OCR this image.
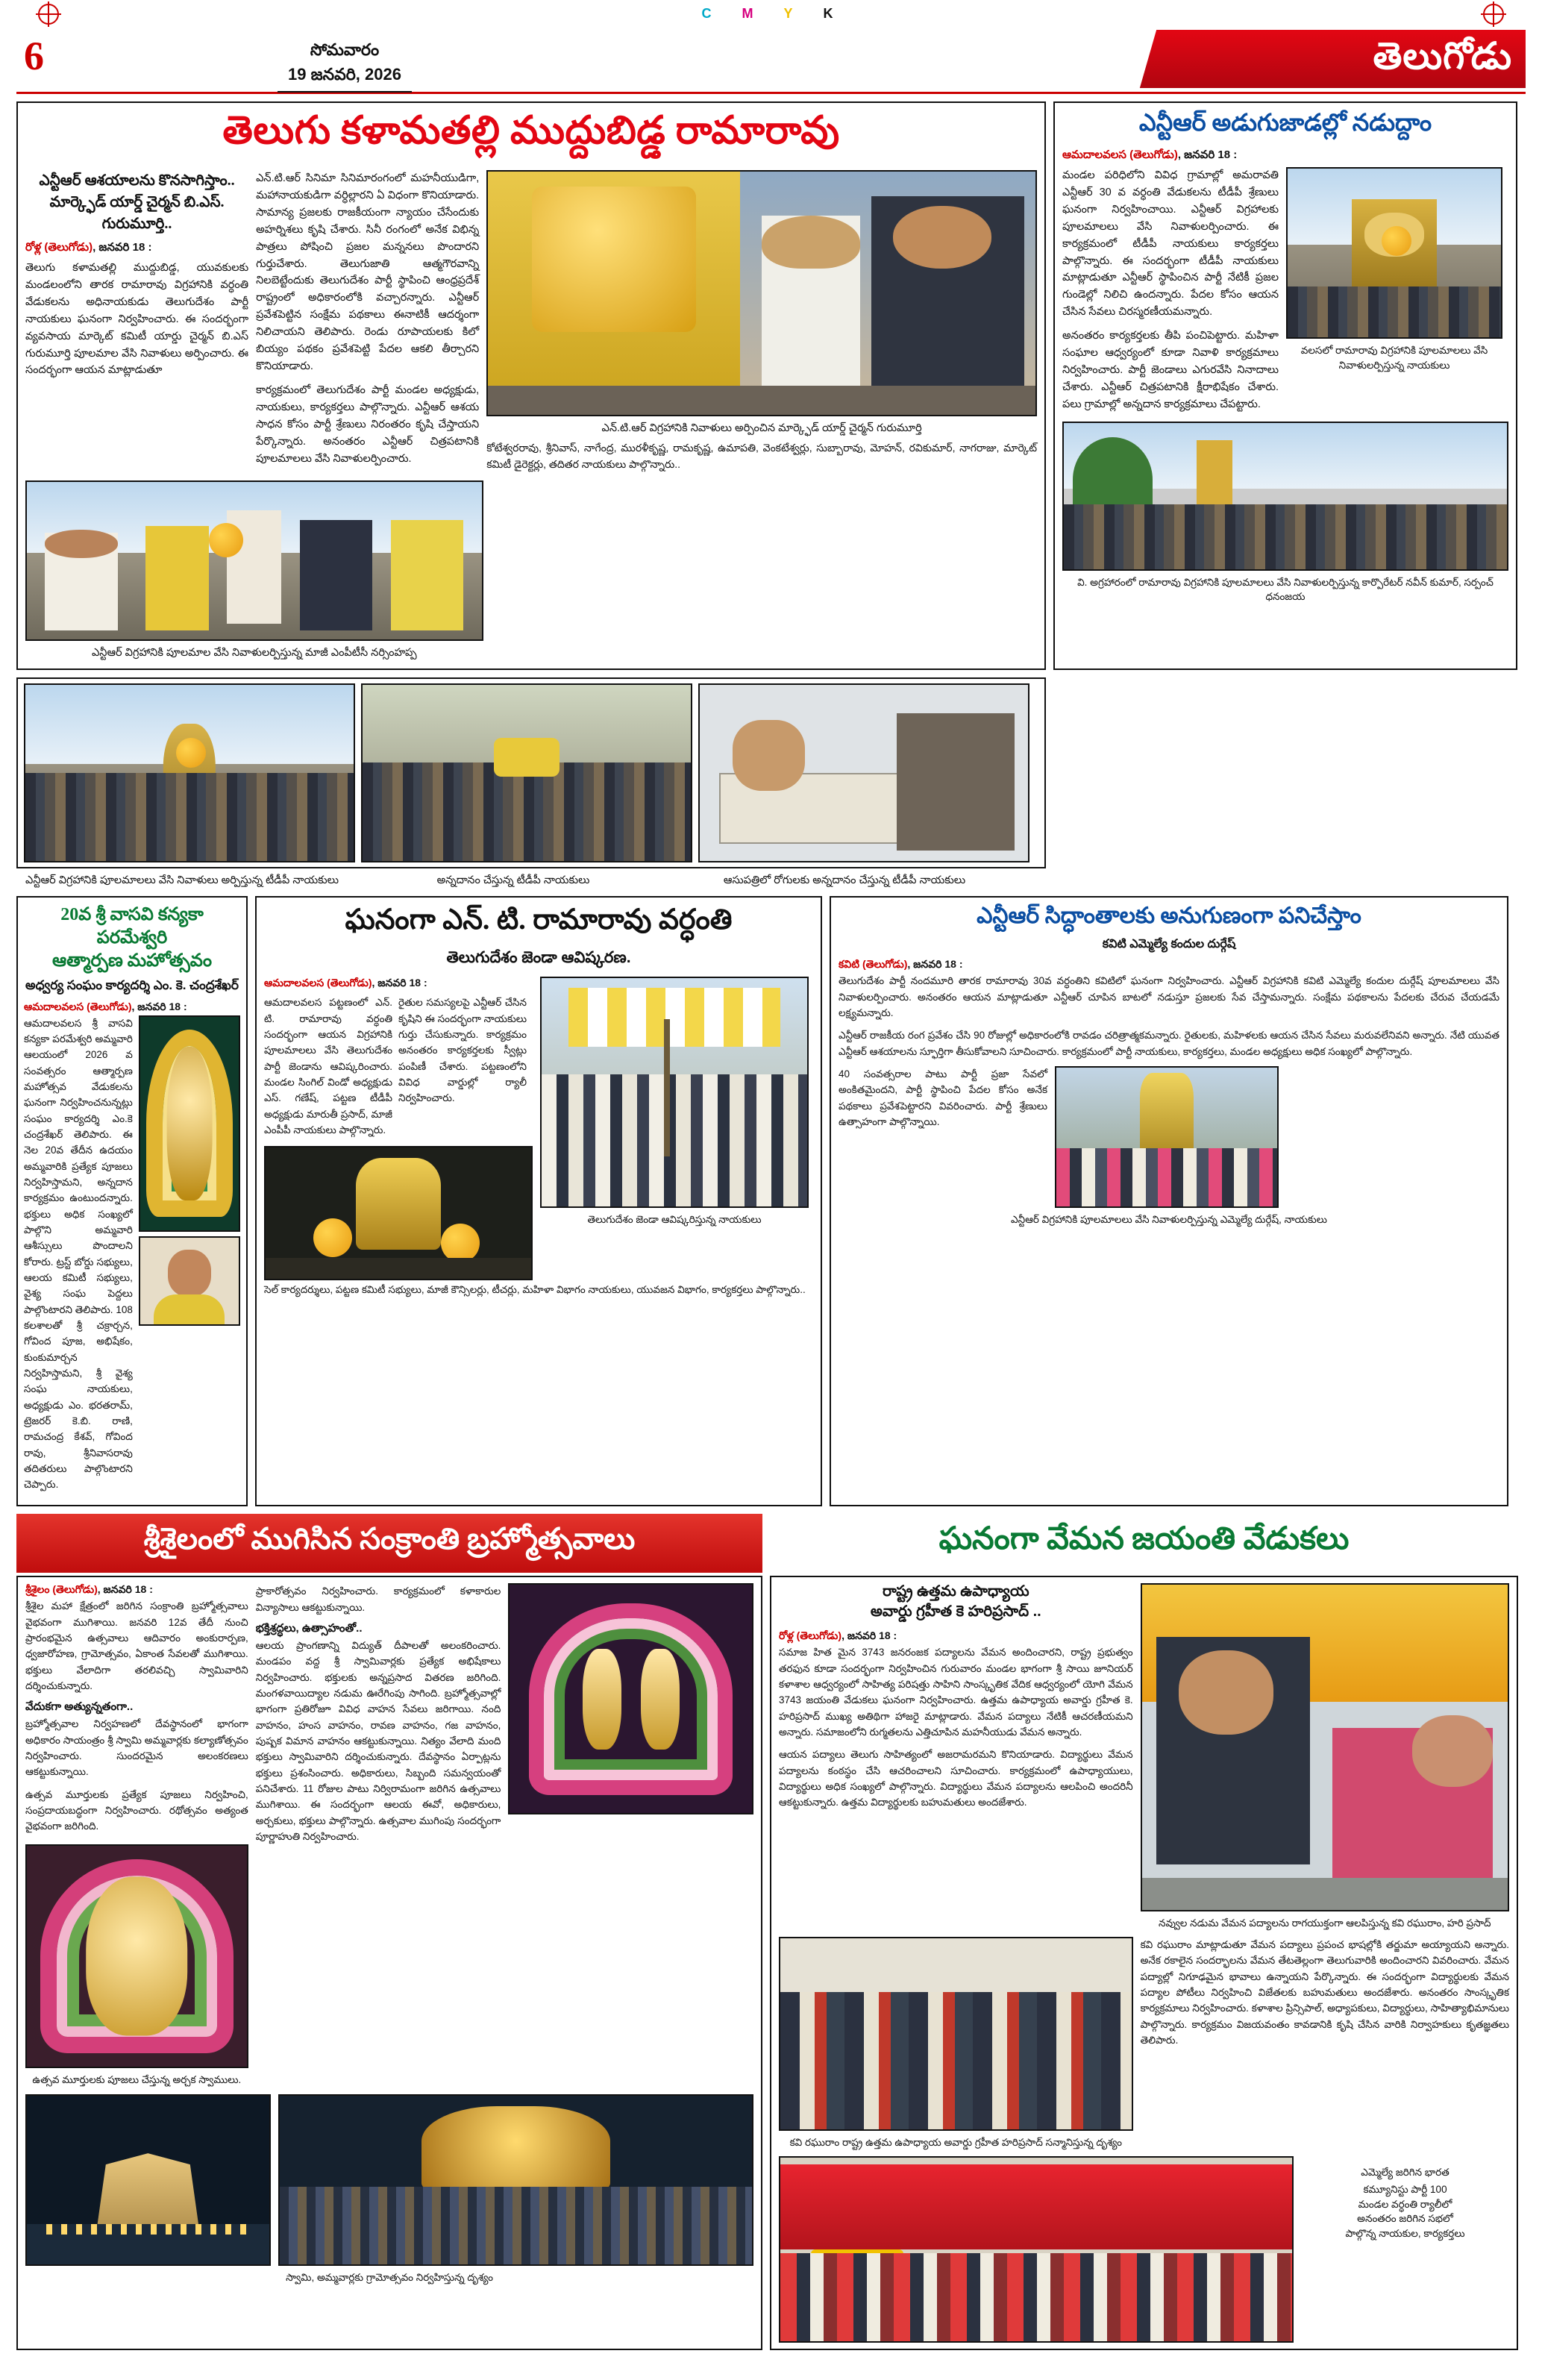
C M Y K
6	సోమవారం
19 జనవరి, 2026	తెలుగోడు
తెలుగు కళామతల్లి ముద్దుబిడ్డ రామారావు
ఎన్టీఆర్ ఆశయాలను కొనసాగిస్తాం.. మార్క్ఫెడ్ యార్డ్ చైర్మన్ బి.ఎస్. గురుమూర్తి..
రోళ్ల (తెలుగోడు), జనవరి 18 :

తెలుగు కళామతల్లి ముద్దుబిడ్డ, యువకులకు మండలంలోని తారక రామారావు విగ్రహానికి వర్ధంతి వేడుకలను అధినాయకుడు తెలుగుదేశం పార్టీ నాయకులు ఘనంగా నిర్వహించారు. ఈ సందర్భంగా వ్యవసాయ మార్కెట్ కమిటీ యార్డు చైర్మన్ బి.ఎస్ గురుమూర్తి పూలమాల వేసి నివాళులు అర్పించారు. ఈ సందర్భంగా ఆయన మాట్లాడుతూ

ఎన్.టి.ఆర్ సినిమా సినిమారంగంలో మహనీయుడిగా, మహానాయకుడిగా వర్ధిల్లారని ఏ విధంగా కొనియాడారు. సామాన్య ప్రజలకు రాజకీయంగా న్యాయం చేసేందుకు అహర్నిశలు కృషి చేశారు. సినీ రంగంలో అనేక విభిన్న పాత్రలు పోషించి ప్రజల మన్ననలు పొందారని గుర్తుచేశారు. తెలుగుజాతి ఆత్మగౌరవాన్ని నిలబెట్టేందుకు తెలుగుదేశం పార్టీ స్థాపించి ఆంధ్రప్రదేశ్ రాష్ట్రంలో అధికారంలోకి వచ్చారన్నారు. ఎన్టీఆర్ ప్రవేశపెట్టిన సంక్షేమ పథకాలు ఈనాటికీ ఆదర్శంగా నిలిచాయని తెలిపారు. రెండు రూపాయలకు కిలో బియ్యం పథకం ప్రవేశపెట్టి పేదల ఆకలి తీర్చారని కొనియాడారు.

కార్యక్రమంలో తెలుగుదేశం పార్టీ మండల అధ్యక్షుడు, నాయకులు, కార్యకర్తలు పాల్గొన్నారు. ఎన్టీఆర్ ఆశయ సాధన కోసం పార్టీ శ్రేణులు నిరంతరం కృషి చేస్తాయని పేర్కొన్నారు. అనంతరం ఎన్టీఆర్ చిత్రపటానికి పూలమాలలు వేసి నివాళులర్పించారు.

ఎన్.టి.ఆర్ విగ్రహానికి నివాళులు అర్పించిన మార్క్ఫెడ్ యార్డ్ చైర్మన్ గురుమూర్తి

కోటేశ్వరరావు, శ్రీనివాస్, నాగేంద్ర, మురళీకృష్ణ, రామకృష్ణ, ఉమాపతి, వెంకటేశ్వర్లు, సుబ్బారావు, మోహన్, రవికుమార్, నాగరాజు, మార్కెట్ కమిటీ డైరెక్టర్లు, తదితర నాయకులు పాల్గొన్నారు..

ఎన్టీఆర్ విగ్రహానికి పూలమాల వేసి నివాళులర్పిస్తున్న మాజీ ఎంపీటీసీ నర్సింహప్ప
ఎన్టీఆర్ అడుగుజాడల్లో నడుద్దాం
ఆమదాలవలస (తెలుగోడు), జనవరి 18 :

మండల పరిధిలోని వివిధ గ్రామాల్లో అమరావతి ఎన్టీఆర్ 30 వ వర్ధంతి వేడుకలను టీడీపీ శ్రేణులు ఘనంగా నిర్వహించాయి. ఎన్టీఆర్ విగ్రహాలకు పూలమాలలు వేసి నివాళులర్పించారు. ఈ కార్యక్రమంలో టీడీపీ నాయకులు కార్యకర్తలు పాల్గొన్నారు. ఈ సందర్భంగా టీడీపీ నాయకులు మాట్లాడుతూ ఎన్టీఆర్ స్థాపించిన పార్టీ నేటికీ ప్రజల గుండెల్లో నిలిచి ఉందన్నారు. పేదల కోసం ఆయన చేసిన సేవలు చిరస్మరణీయమన్నారు.

అనంతరం కార్యకర్తలకు తీపి పంచిపెట్టారు. మహిళా సంఘాల ఆధ్వర్యంలో కూడా నివాళి కార్యక్రమాలు నిర్వహించారు. పార్టీ జెండాలు ఎగురవేసి నినాదాలు చేశారు. ఎన్టీఆర్ చిత్రపటానికి క్షీరాభిషేకం చేశారు. పలు గ్రామాల్లో అన్నదాన కార్యక్రమాలు చేపట్టారు.

వలసలో రామారావు విగ్రహానికి పూలమాలలు వేసి నివాళులర్పిస్తున్న నాయకులు
వి. అగ్రహారంలో రామారావు విగ్రహానికి పూలమాలలు వేసి నివాళులర్పిస్తున్న కార్పొరేటర్ నవీన్ కుమార్, సర్పంచ్ ధనంజయ
ఎన్టీఆర్ విగ్రహానికి పూలమాలలు వేసి నివాళులు అర్పిస్తున్న టీడీపీ నాయకులు	అన్నదానం చేస్తున్న టీడీపీ నాయకులు	ఆసుపత్రిలో రోగులకు అన్నదానం చేస్తున్న టీడీపీ నాయకులు
20వ శ్రీ వాసవి కన్యకా పరమేశ్వరి
ఆత్మార్పణ మహోత్సవం
అధ్వర్య సంఘం కార్యదర్శి ఎం. కె. చంద్రశేఖర్
ఆమదాలవలస (తెలుగోడు), జనవరి 18 :

ఆమదాలవలస శ్రీ వాసవి కన్యకా పరమేశ్వరి అమ్మవారి ఆలయంలో 2026 వ సంవత్సరం ఆత్మార్పణ మహోత్సవ వేడుకలను ఘనంగా నిర్వహించనున్నట్లు సంఘం కార్యదర్శి ఎం.కె చంద్రశేఖర్ తెలిపారు. ఈ నెల 20వ తేదీన ఉదయం అమ్మవారికి ప్రత్యేక పూజలు నిర్వహిస్తామని, అన్నదాన కార్యక్రమం ఉంటుందన్నారు. భక్తులు అధిక సంఖ్యలో పాల్గొని అమ్మవారి ఆశీస్సులు పొందాలని కోరారు. ట్రస్ట్ బోర్డు సభ్యులు, ఆలయ కమిటీ సభ్యులు, వైశ్య సంఘ పెద్దలు పాల్గొంటారని తెలిపారు. 108 కలశాలతో శ్రీ చక్రార్చన, గోవింద పూజ, అభిషేకం, కుంకుమార్చన నిర్వహిస్తామని, శ్రీ వైశ్య సంఘ నాయకులు, అధ్యక్షుడు ఎం. భరతరామ్, ట్రెజరర్ కె.బి. రాణి, రామచంద్ర కేశవ్, గోవింద రావు, శ్రీనివాసరావు తదితరులు పాల్గొంటారని చెప్పారు.

ఘనంగా ఎన్. టి. రామారావు వర్ధంతి
తెలుగుదేశం జెండా ఆవిష్కరణ.
ఆమదాలవలస (తెలుగోడు), జనవరి 18 :

ఆమదాలవలస పట్టణంలో ఎన్. టి. రామారావు వర్ధంతి సందర్భంగా ఆయన విగ్రహానికి పూలమాలలు వేసి తెలుగుదేశం పార్టీ జెండాను ఆవిష్కరించారు. మండల సింగిల్ విండో అధ్యక్షుడు ఎస్. గణేష్, పట్టణ టీడీపీ అధ్యక్షుడు మారుతీ ప్రసాద్, మాజీ ఎంపీపీ నాయకులు పాల్గొన్నారు.

రైతుల సమస్యలపై ఎన్టీఆర్ చేసిన కృషిని ఈ సందర్భంగా నాయకులు గుర్తు చేసుకున్నారు. కార్యక్రమం అనంతరం కార్యకర్తలకు స్వీట్లు పంపిణీ చేశారు. పట్టణంలోని వివిధ వార్డుల్లో ర్యాలీ నిర్వహించారు.

తెలుగుదేశం జెండా ఆవిష్కరిస్తున్న నాయకులు

సెల్ కార్యదర్శులు, పట్టణ కమిటీ సభ్యులు, మాజీ కౌన్సిలర్లు, టీచర్లు, మహిళా విభాగం నాయకులు, యువజన విభాగం, కార్యకర్తలు పాల్గొన్నారు..

ఎన్టీఆర్ సిద్ధాంతాలకు అనుగుణంగా పనిచేస్తాం
కవిటి ఎమ్మెల్యే కందుల దుర్గేష్
కవిటి (తెలుగోడు), జనవరి 18 :

తెలుగుదేశం పార్టీ నందమూరి తారక రామారావు 30వ వర్ధంతిని కవిటిలో ఘనంగా నిర్వహించారు. ఎన్టీఆర్ విగ్రహానికి కవిటి ఎమ్మెల్యే కందుల దుర్గేష్ పూలమాలలు వేసి నివాళులర్పించారు. అనంతరం ఆయన మాట్లాడుతూ ఎన్టీఆర్ చూపిన బాటలో నడుస్తూ ప్రజలకు సేవ చేస్తామన్నారు. సంక్షేమ పథకాలను పేదలకు చేరువ చేయడమే లక్ష్యమన్నారు.

ఎన్టీఆర్ రాజకీయ రంగ ప్రవేశం చేసి 90 రోజుల్లో అధికారంలోకి రావడం చరిత్రాత్మకమన్నారు. రైతులకు, మహిళలకు ఆయన చేసిన సేవలు మరువలేనివని అన్నారు. నేటి యువత ఎన్టీఆర్ ఆశయాలను స్ఫూర్తిగా తీసుకోవాలని సూచించారు. కార్యక్రమంలో పార్టీ నాయకులు, కార్యకర్తలు, మండల అధ్యక్షులు అధిక సంఖ్యలో పాల్గొన్నారు.

40 సంవత్సరాల పాటు పార్టీ ప్రజా సేవలో అంకితమైందని, పార్టీ స్థాపించి పేదల కోసం అనేక పథకాలు ప్రవేశపెట్టారని వివరించారు. పార్టీ శ్రేణులు ఉత్సాహంగా పాల్గొన్నాయి.

ఎన్టీఆర్ విగ్రహానికి పూలమాలలు వేసి నివాళులర్పిస్తున్న ఎమ్మెల్యే దుర్గేష్, నాయకులు
శ్రీశైలంలో ముగిసిన సంక్రాంతి బ్రహ్మోత్సవాలు	ఘనంగా వేమన జయంతి వేడుకలు
శ్రీశైలం (తెలుగోడు), జనవరి 18 :

శ్రీశైల మహా క్షేత్రంలో జరిగిన సంక్రాంతి బ్రహ్మోత్సవాలు వైభవంగా ముగిశాయి. జనవరి 12వ తేదీ నుంచి ప్రారంభమైన ఉత్సవాలు ఆదివారం అంకురార్పణ, ధ్వజారోహణ, గ్రామోత్సవం, ఏకాంత సేవలతో ముగిశాయి. భక్తులు వేలాదిగా తరలివచ్చి స్వామివారిని దర్శించుకున్నారు.

వేదుకగా అత్యున్నతంగా..

బ్రహ్మోత్సవాల నిర్వహణలో దేవస్థానంలో భాగంగా అధికారం సాయంత్రం శ్రీ స్వామి అమ్మవార్లకు కల్యాణోత్సవం నిర్వహించారు. సుందరమైన అలంకరణలు ఆకట్టుకున్నాయి.

ఉత్సవ మూర్తులకు ప్రత్యేక పూజలు నిర్వహించి, సంప్రదాయబద్ధంగా నిర్వహించారు. రథోత్సవం అత్యంత వైభవంగా జరిగింది.

ఉత్సవ మూర్తులకు పూజలు చేస్తున్న అర్చక స్వాములు.

ప్రాకారోత్సవం నిర్వహించారు. కార్యక్రమంలో కళాకారుల విన్యాసాలు ఆకట్టుకున్నాయి.

భక్తిశ్రద్ధలు, ఉత్సాహంతో..

ఆలయ ప్రాంగణాన్ని విద్యుత్ దీపాలతో అలంకరించారు. మండపం వద్ద శ్రీ స్వామివార్లకు ప్రత్యేక అభిషేకాలు నిర్వహించారు. భక్తులకు అన్నప్రసాద వితరణ జరిగింది. మంగళవాయిద్యాల నడుమ ఊరేగింపు సాగింది. బ్రహ్మోత్సవాల్లో భాగంగా ప్రతిరోజూ వివిధ వాహన సేవలు జరిగాయి. నంది వాహనం, హంస వాహనం, రావణ వాహనం, గజ వాహనం, పుష్పక విమాన వాహనం ఆకట్టుకున్నాయి. నిత్యం వేలాది మంది భక్తులు స్వామివారిని దర్శించుకున్నారు. దేవస్థానం ఏర్పాట్లను భక్తులు ప్రశంసించారు. అధికారులు, సిబ్బంది సమన్వయంతో పనిచేశారు. 11 రోజుల పాటు నిర్విరామంగా జరిగిన ఉత్సవాలు ముగిశాయి. ఈ సందర్భంగా ఆలయ ఈవో, అధికారులు, అర్చకులు, భక్తులు పాల్గొన్నారు. ఉత్సవాల ముగింపు సందర్భంగా పూర్ణాహుతి నిర్వహించారు.

స్వామి, అమ్మవార్లకు గ్రామోత్సవం నిర్వహిస్తున్న దృశ్యం
రాష్ట్ర ఉత్తమ ఉపాధ్యాయ
అవార్డు గ్రహీత కె హరిప్రసాద్ ..
రోళ్ల (తెలుగోడు), జనవరి 18 :

సమాజ హిత మైన 3743 జనరంజక పద్యాలను వేమన అందించారని, రాష్ట్ర ప్రభుత్వం తరఫున కూడా సందర్భంగా నిర్వహించిన గురువారం మండల భాగంగా శ్రీ సాయి జూనియర్ కళాశాల ఆధ్వర్యంలో సాహిత్య పరిషత్తు సాహిని సాంస్కృతిక వేదిక ఆధ్వర్యంలో యోగి వేమన 3743 జయంతి వేడుకలు ఘనంగా నిర్వహించారు. ఉత్తమ ఉపాధ్యాయ అవార్డు గ్రహీత కె. హరిప్రసాద్ ముఖ్య అతిథిగా హాజరై మాట్లాడారు. వేమన పద్యాలు నేటికీ ఆచరణీయమని అన్నారు. సమాజంలోని రుగ్మతలను ఎత్తిచూపిన మహనీయుడు వేమన అన్నారు.

ఆయన పద్యాలు తెలుగు సాహిత్యంలో అజరామరమని కొనియాడారు. విద్యార్థులు వేమన పద్యాలను కంఠస్థం చేసి ఆచరించాలని సూచించారు. కార్యక్రమంలో ఉపాధ్యాయులు, విద్యార్థులు అధిక సంఖ్యలో పాల్గొన్నారు. విద్యార్థులు వేమన పద్యాలను ఆలపించి అందరినీ ఆకట్టుకున్నారు. ఉత్తమ విద్యార్థులకు బహుమతులు అందజేశారు.

నవ్వుల నడుమ వేమన పద్యాలను రాగయుక్తంగా ఆలపిస్తున్న కవి రఘురాం, హరి ప్రసాద్
కవి రఘురాం రాష్ట్ర ఉత్తమ ఉపాధ్యాయ అవార్డు గ్రహీత హరిప్రసాద్ సన్మానిస్తున్న దృశ్యం

కవి రఘురాం మాట్లాడుతూ వేమన పద్యాలు ప్రపంచ భాషల్లోకి తర్జుమా అయ్యాయని అన్నారు. అనేక రకాలైన సందర్భాలను వేమన తేటతెల్లంగా తెలుగువారికి అందించారని వివరించారు. వేమన పద్యాల్లో నిగూఢమైన భావాలు ఉన్నాయని పేర్కొన్నారు. ఈ సందర్భంగా విద్యార్థులకు వేమన పద్యాల పోటీలు నిర్వహించి విజేతలకు బహుమతులు అందజేశారు. అనంతరం సాంస్కృతిక కార్యక్రమాలు నిర్వహించారు. కళాశాల ప్రిన్సిపాల్, అధ్యాపకులు, విద్యార్థులు, సాహిత్యాభిమానులు పాల్గొన్నారు. కార్యక్రమం విజయవంతం కావడానికి కృషి చేసిన వారికి నిర్వాహకులు కృతజ్ఞతలు తెలిపారు.

ఎమ్మెల్యే జరిగిన భారత
కమ్యూనిస్టు పార్టీ 100
మండల వర్ధంతి ర్యాలీలో
అనంతరం జరిగిన సభలో
పాల్గొన్న నాయకుల, కార్యకర్తలు
